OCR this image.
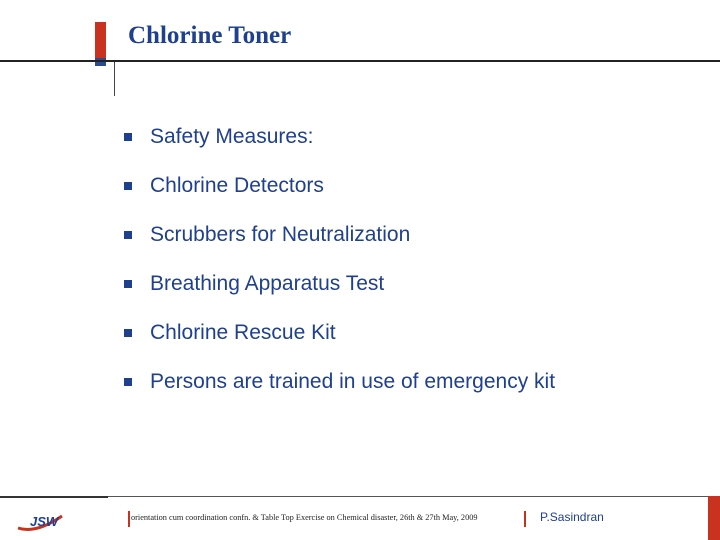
Chlorine Toner
Safety Measures:
Chlorine Detectors
Scrubbers for Neutralization
Breathing Apparatus Test
Chlorine Rescue Kit
Persons are trained in use of emergency kit
JSW	orientation cum coordination confn. & Table Top Exercise on Chemical disaster, 26th & 27th May, 2009	P.Sasindran
